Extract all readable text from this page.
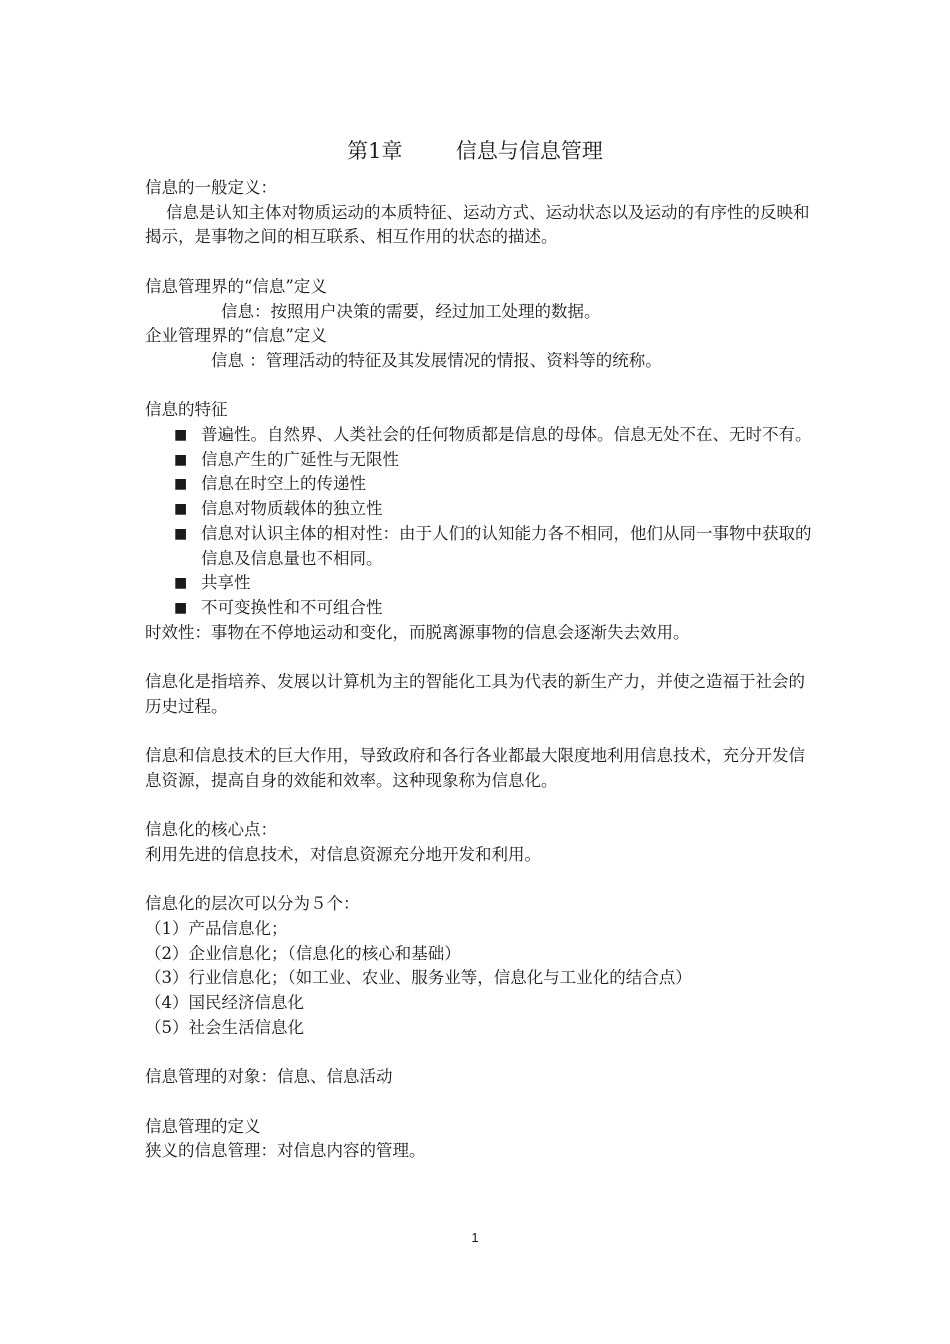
第1章        信息与信息管理

信息的一般定义：

信息是认知主体对物质运动的本质特征、运动方式、运动状态以及运动的有序性的反映和揭示，是事物之间的相互联系、相互作用的状态的描述。

信息管理界的“信息”定义

信息：按照用户决策的需要，经过加工处理的数据。

企业管理界的“信息”定义

信息 ：管理活动的特征及其发展情况的情报、资料等的统称。

信息的特征

■ 普遍性。自然界、人类社会的任何物质都是信息的母体。信息无处不在、无时不有。
■ 信息产生的广延性与无限性
■ 信息在时空上的传递性
■ 信息对物质载体的独立性
■ 信息对认识主体的相对性：由于人们的认知能力各不相同，他们从同一事物中获取的信息及信息量也不相同。
■ 共享性
■ 不可变换性和不可组合性

时效性：事物在不停地运动和变化，而脱离源事物的信息会逐渐失去效用。

信息化是指培养、发展以计算机为主的智能化工具为代表的新生产力，并使之造福于社会的历史过程。

信息和信息技术的巨大作用，导致政府和各行各业都最大限度地利用信息技术，充分开发信息资源，提高自身的效能和效率。这种现象称为信息化。

信息化的核心点：

利用先进的信息技术，对信息资源充分地开发和利用。

信息化的层次可以分为５个：

（1）产品信息化；

（2）企业信息化；（信息化的核心和基础）

（3）行业信息化；（如工业、农业、服务业等，信息化与工业化的结合点）

（4）国民经济信息化

（5）社会生活信息化

信息管理的对象：信息、信息活动

信息管理的定义

狭义的信息管理：对信息内容的管理。

1
